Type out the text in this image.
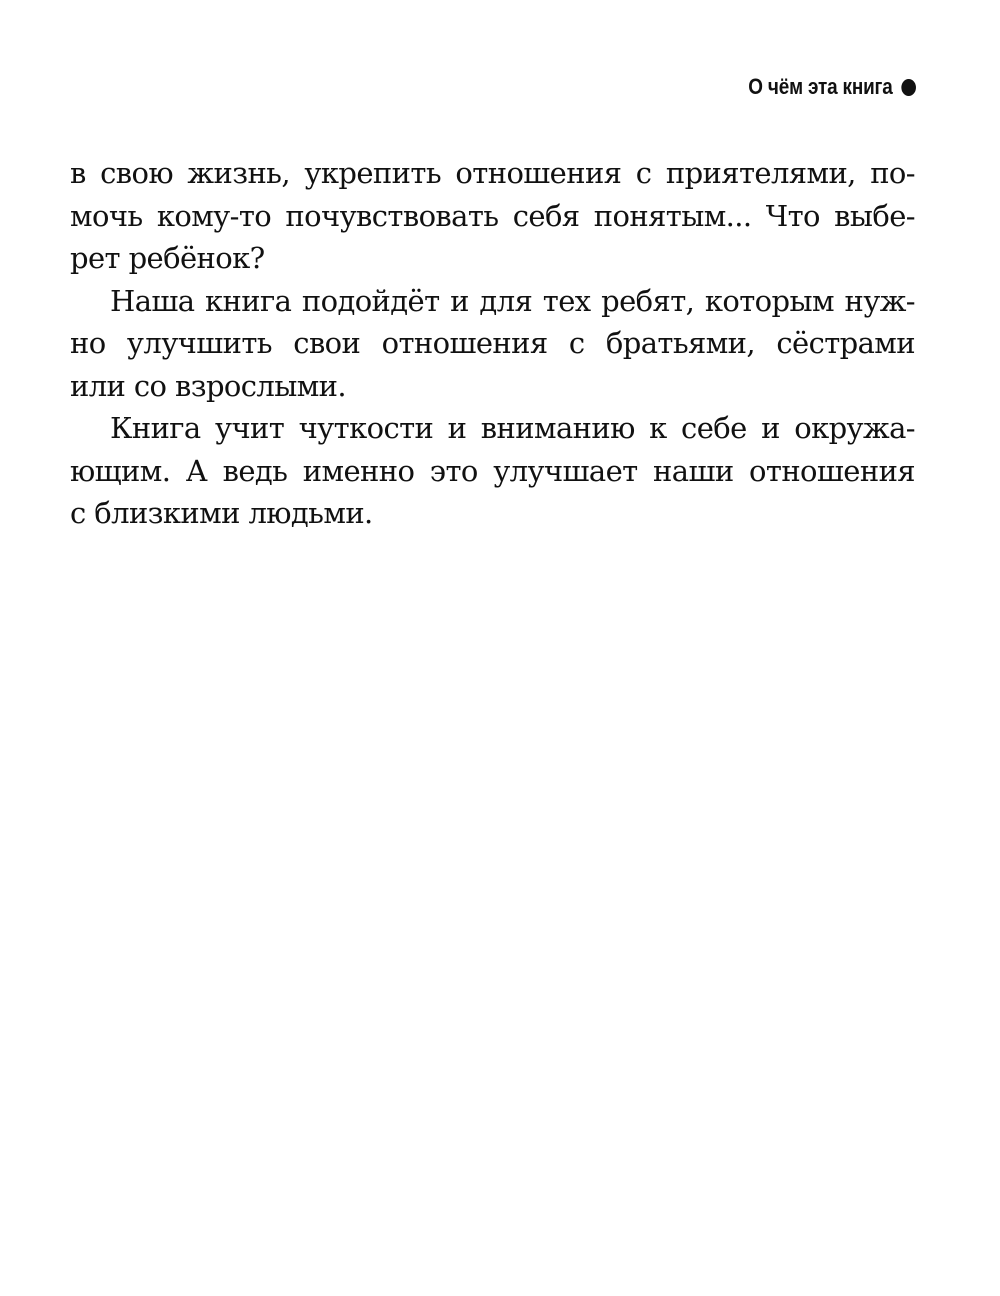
О чём эта книга
в свою жизнь, укрепить отношения с приятелями, по-
мочь кому-то почувствовать себя понятым... Что выбе-
рет ребёнок?
Наша книга подойдёт и для тех ребят, которым нуж-
но улучшить свои отношения с братьями, сёстрами
или со взрослыми.
Книга учит чуткости и вниманию к себе и окружа-
ющим. А ведь именно это улучшает наши отношения
с близкими людьми.
